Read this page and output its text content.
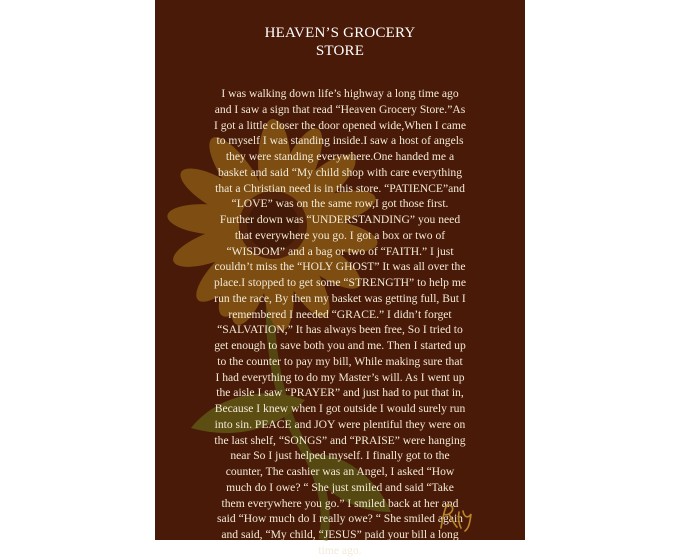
HEAVEN’S GROCERY
STORE
I was walking down life’s highway a long time ago
and I saw a sign that read “Heaven Grocery Store.”As
I got a little closer the door opened wide,When I came
to myself I was standing inside.I saw a host of angels
they were standing everywhere.One handed me a
basket and said “My child shop with care everything
that a Christian need is in this store. “PATIENCE”and
“LOVE” was on the same row,I got those first.
Further down was “UNDERSTANDING” you need
that everywhere you go. I got a box or two of
“WISDOM” and a bag or two of “FAITH.” I just
couldn’t miss the “HOLY GHOST” It was all over the
place.I stopped to get some “STRENGTH” to help me
run the race, By then my basket was getting full, But I
remembered I needed “GRACE.” I didn’t forget
“SALVATION,” It has always been free, So I tried to
get enough to save both you and me. Then I started up
to the counter to pay my bill, While making sure that
I had everything to do my Master’s will. As I went up
the aisle I saw “PRAYER” and just had to put that in,
Because I knew when I got outside I would surely run
into sin. PEACE and JOY were plentiful they were on
the last shelf, “SONGS” and “PRAISE” were hanging
near So I just helped myself. I finally got to the
counter, The cashier was an Angel, I asked “How
much do I owe? “ She just smiled and said “Take
them everywhere you go.” I smiled back at her and
said “How much do I really owe? “ She smiled again
and said, “My child, “JESUS” paid your bill a long
time ago.
